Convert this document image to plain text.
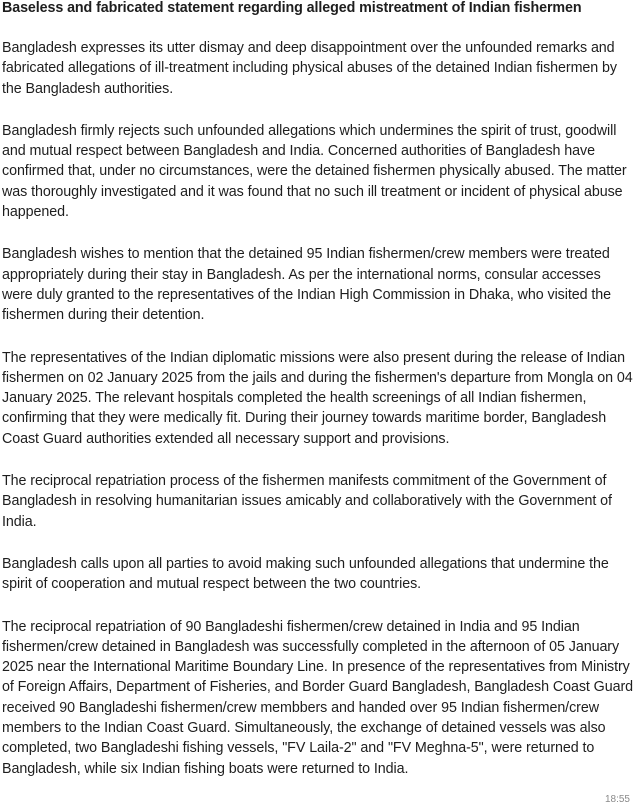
Baseless and fabricated statement regarding alleged mistreatment of Indian fishermen

Bangladesh expresses its utter dismay and deep disappointment over the unfounded remarks and fabricated allegations of ill-treatment including physical abuses of the detained Indian fishermen by the Bangladesh authorities.

Bangladesh firmly rejects such unfounded allegations which undermines the spirit of trust, goodwill and mutual respect between Bangladesh and India. Concerned authorities of Bangladesh have confirmed that, under no circumstances, were the detained fishermen physically abused. The matter was thoroughly investigated and it was found that no such ill treatment or incident of physical abuse happened.

Bangladesh wishes to mention that the detained 95 Indian fishermen/crew members were treated appropriately during their stay in Bangladesh. As per the international norms, consular accesses were duly granted to the representatives of the Indian High Commission in Dhaka, who visited the fishermen during their detention.

The representatives of the Indian diplomatic missions were also present during the release of Indian fishermen on 02 January 2025 from the jails and during the fishermen's departure from Mongla on 04 January 2025. The relevant hospitals completed the health screenings of all Indian fishermen, confirming that they were medically fit. During their journey towards maritime border, Bangladesh Coast Guard authorities extended all necessary support and provisions.

The reciprocal repatriation process of the fishermen manifests commitment of the Government of Bangladesh in resolving humanitarian issues amicably and collaboratively with the Government of India.

Bangladesh calls upon all parties to avoid making such unfounded allegations that undermine the spirit of cooperation and mutual respect between the two countries.

The reciprocal repatriation of 90 Bangladeshi fishermen/crew detained in India and 95 Indian fishermen/crew detained in Bangladesh was successfully completed in the afternoon of 05 January 2025 near the International Maritime Boundary Line. In presence of the representatives from Ministry of Foreign Affairs, Department of Fisheries, and Border Guard Bangladesh, Bangladesh Coast Guard received 90 Bangladeshi fishermen/crew membbers and handed over 95 Indian fishermen/crew members to the Indian Coast Guard. Simultaneously, the exchange of detained vessels was also completed, two Bangladeshi fishing vessels, "FV Laila-2" and "FV Meghna-5", were returned to Bangladesh, while six Indian fishing boats were returned to India.

18:55
